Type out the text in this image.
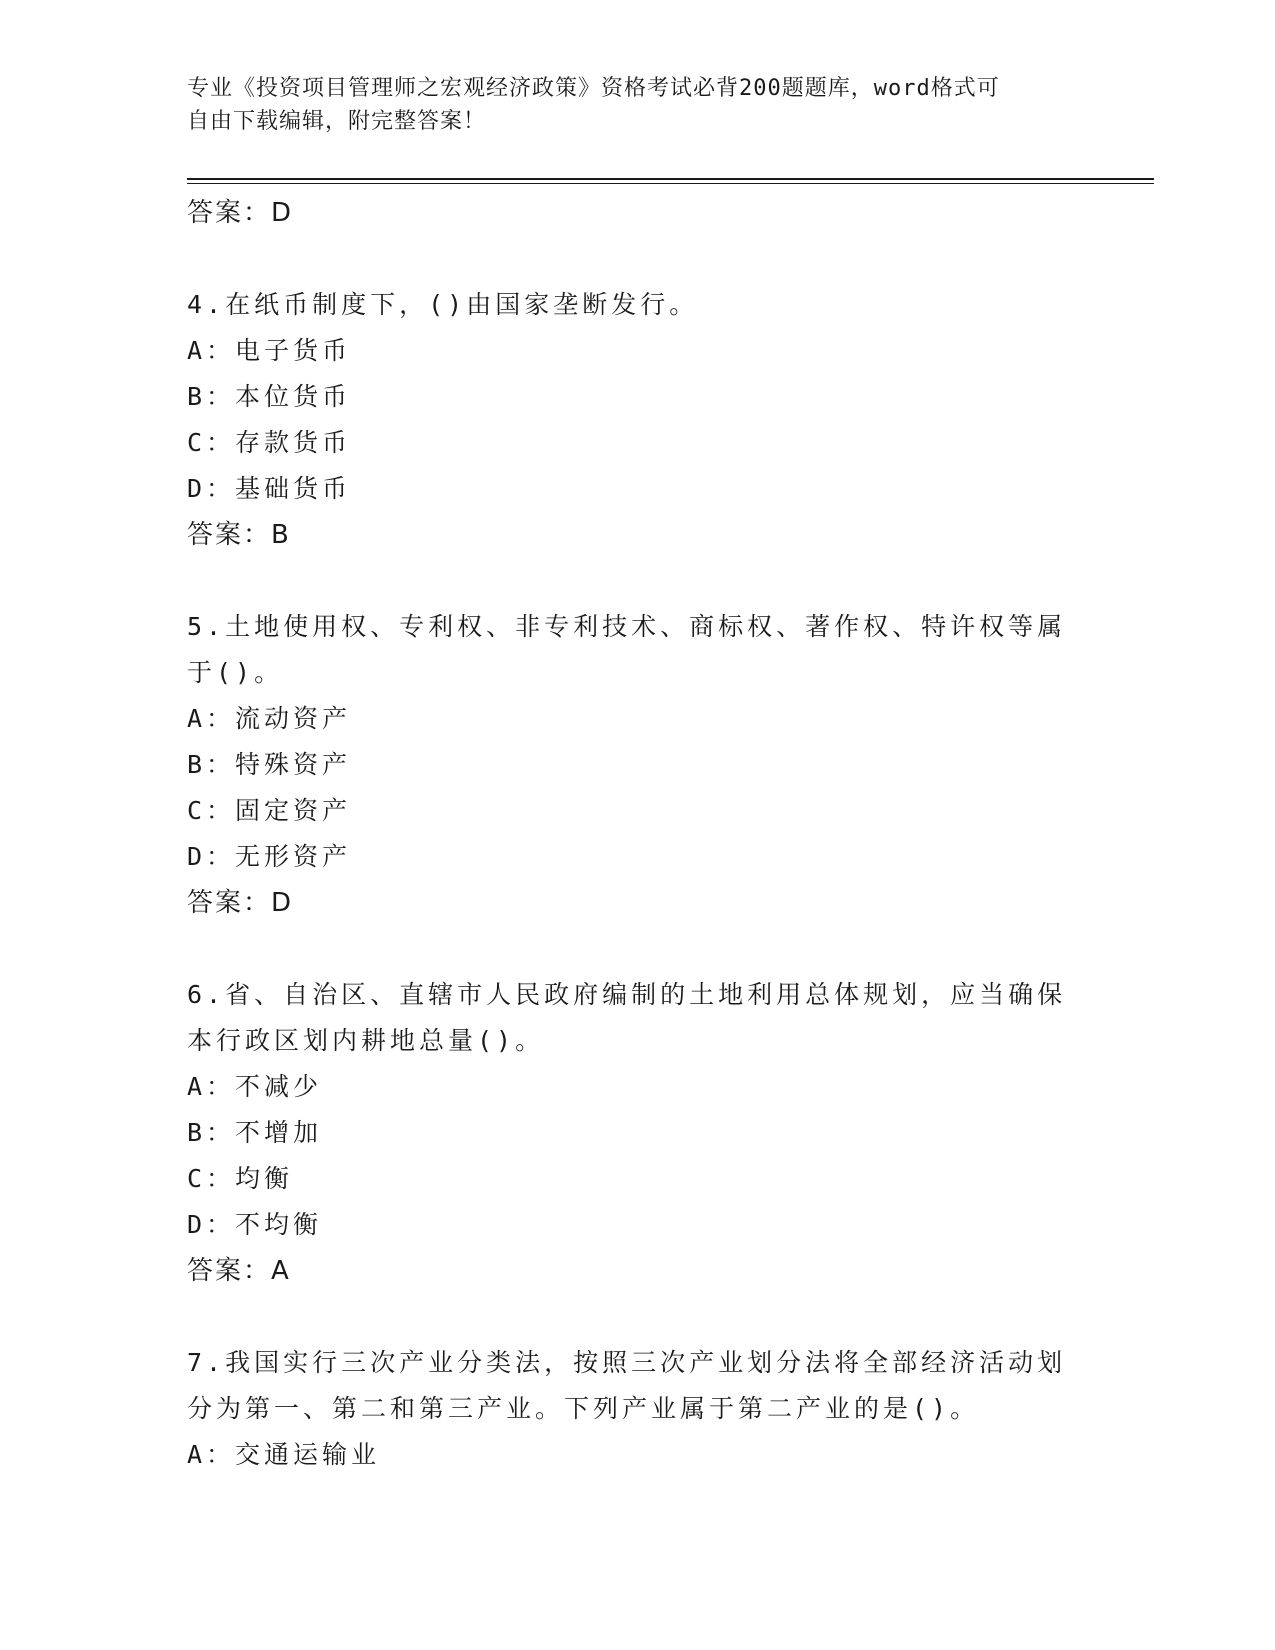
专业《投资项目管理师之宏观经济政策》资格考试必背200题题库，word格式可
自由下载编辑，附完整答案！
答案：D
4.在纸币制度下，()由国家垄断发行。
A：电子货币
B：本位货币
C：存款货币
D：基础货币
答案：B
5.土地使用权、专利权、非专利技术、商标权、著作权、特许权等属于()。
A：流动资产
B：特殊资产
C：固定资产
D：无形资产
答案：D
6.省、自治区、直辖市人民政府编制的土地利用总体规划，应当确保本行政区划内耕地总量()。
A：不减少
B：不增加
C：均衡
D：不均衡
答案：A
7.我国实行三次产业分类法，按照三次产业划分法将全部经济活动划分为第一、第二和第三产业。下列产业属于第二产业的是()。
A：交通运输业
